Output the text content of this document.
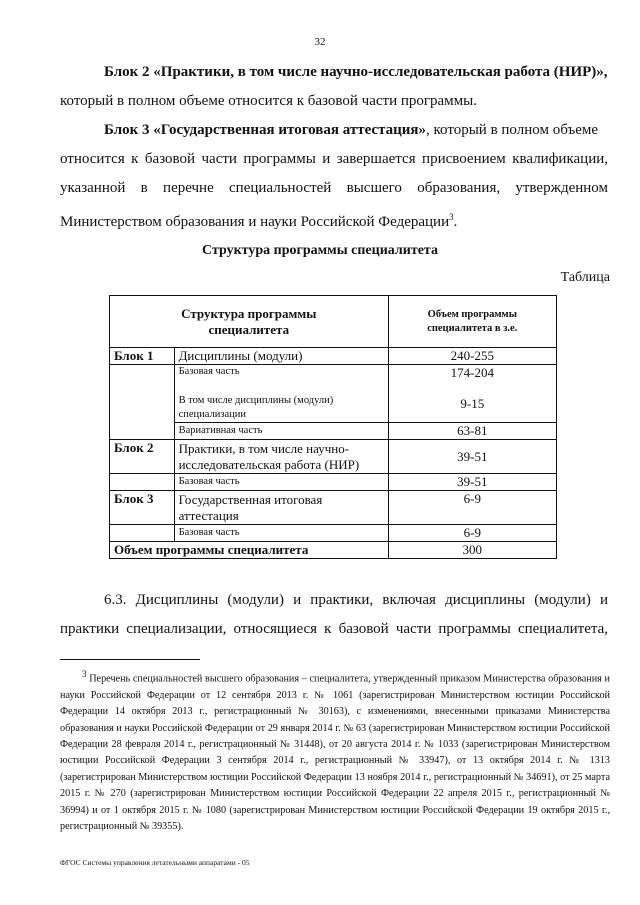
32
Блок 2 «Практики, в том числе научно-исследовательская работа (НИР)», который в полном объеме относится к базовой части программы.
Блок 3 «Государственная итоговая аттестация», который в полном объеме
относится к базовой части программы и завершается присвоением квалификации,
указанной в перечне специальностей высшего образования, утвержденном
Министерством образования и науки Российской Федерации$^3$.
Структура программы специалитета
Таблица
Структура программы специалитета		Объем программы специалитета в з.е.

Блок 1	Дисциплины (модули)	240-255
	Базовая часть	174-204

	В том числе дисциплины (модули) специализации	9-15
	Вариативная часть	63-81
Блок 2	Практики, в том числе научно-исследовательская работа (НИР)	39-51
	Базовая часть	39-51
Блок 3	Государственная итоговая аттестация	6-9
	Базовая часть	6-9
Объем программы специалитета		300
6.3. Дисциплины (модули) и практики, включая дисциплины (модули) и
практики специализации, относящиеся к базовой части программы специалитета,
3 Перечень специальностей высшего образования – специалитета, утвержденный приказом Министерства образования и науки Российской Федерации от 12 сентября 2013 г. № 1061 (зарегистрирован Министерством юстиции Российской Федерации 14 октября 2013 г., регистрационный № 30163), с изменениями, внесенными приказами Министерства образования и науки Российской Федерации от 29 января 2014 г. № 63 (зарегистрирован Министерством юстиции Российской Федерации 28 февраля 2014 г., регистрационный № 31448), от 20 августа 2014 г. № 1033 (зарегистрирован Министерством юстиции Российской Федерации 3 сентября 2014 г., регистрационный № 33947), от 13 октября 2014 г. № 1313 (зарегистрирован Министерством юстиции Российской Федерации 13 ноября 2014 г., регистрационный № 34691), от 25 марта 2015 г. № 270 (зарегистрирован Министерством юстиции Российской Федерации 22 апреля 2015 г., регистрационный № 36994) и от 1 октября 2015 г. № 1080 (зарегистрирован Министерством юстиции Российской Федерации 19 октября 2015 г., регистрационный № 39355).
ФГОС Системы управления летательными аппаратами - 05
